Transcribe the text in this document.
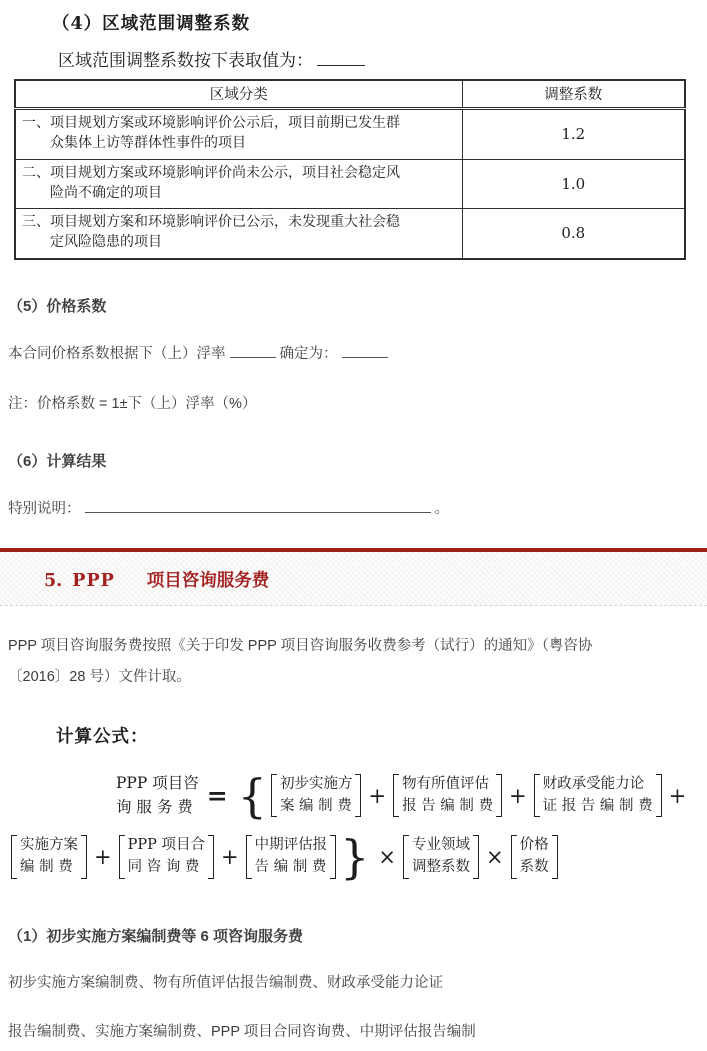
（4）区域范围调整系数

区域范围调整系数按下表取值为：

区域分类	调整系数

一、项目规划方案或环境影响评价公示后，项目前期已发生群
众集体上访等群体性事件的项目	1.2

二、项目规划方案或环境影响评价尚未公示，项目社会稳定风
险尚不确定的项目	1.0

三、项目规划方案和环境影响评价已公示，未发现重大社会稳
定风险隐患的项目	0.8
（5）价格系数

本合同价格系数根据下（上）浮率	确定为：

注：价格系数 = 1±下（上）浮率（%）

（6）计算结果

特别说明：	。

5. PPP 项目咨询服务费

PPP 项目咨询服务费按照《关于印发 PPP 项目咨询服务收费参考（试行）的通知》（粤咨协
〔2016〕28 号）文件计取。

计算公式：
PPP 项目咨
询 服 务 费 = { 初步实施方
案 编 制 费 + 物有所值评估
报 告 编 制 费 + 财政承受能力论
证 报 告 编 制 费 +
实施方案
编 制 费 + PPP 项目合
同 咨 询 费 + 中期评估报
告 编 制 费 } × 专业领域
调整系数 × 价格
系数
（1）初步实施方案编制费等 6 项咨询服务费

初步实施方案编制费、物有所值评估报告编制费、财政承受能力论证

报告编制费、实施方案编制费、PPP 项目合同咨询费、中期评估报告编制
